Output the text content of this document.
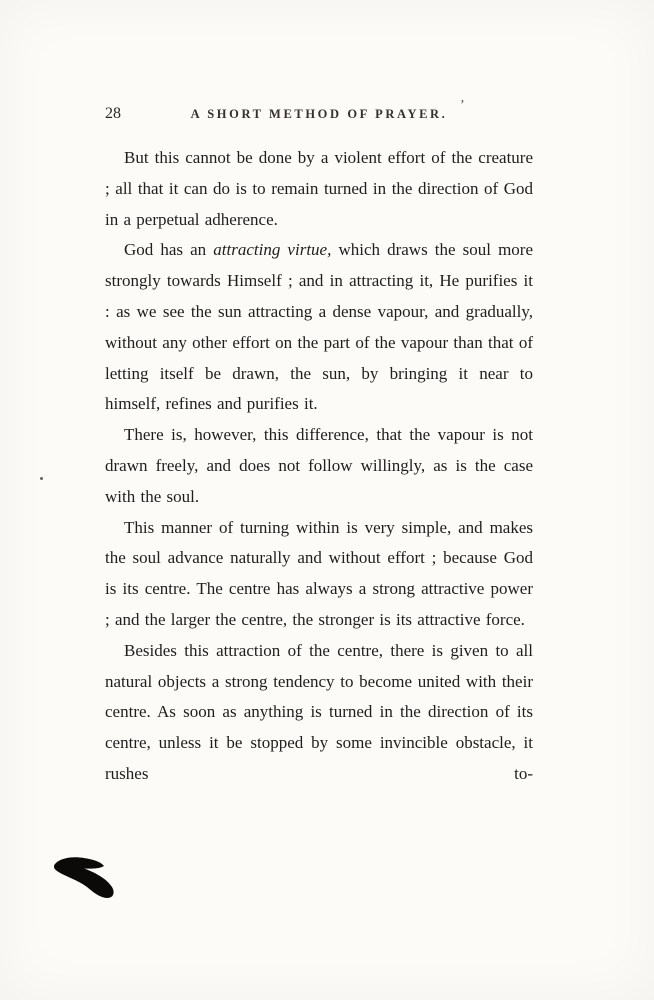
28	A SHORT METHOD OF PRAYER.
’

But this cannot be done by a violent effort of the creature ; all that it can do is to remain turned in the direction of God in a perpetual adherence.

God has an attracting virtue, which draws the soul more strongly towards Himself ; and in attracting it, He purifies it : as we see the sun attracting a dense vapour, and gradually, without any other effort on the part of the vapour than that of letting itself be drawn, the sun, by bringing it near to himself, refines and purifies it.

There is, however, this difference, that the vapour is not drawn freely, and does not follow willingly, as is the case with the soul.

This manner of turning within is very simple, and makes the soul advance naturally and without effort ; because God is its centre. The centre has always a strong attractive power ; and the larger the centre, the stronger is its attractive force.

Besides this attraction of the centre, there is given to all natural objects a strong tendency to become united with their centre. As soon as anything is turned in the direction of its centre, unless it be stopped by some invincible obstacle, it rushes to-
